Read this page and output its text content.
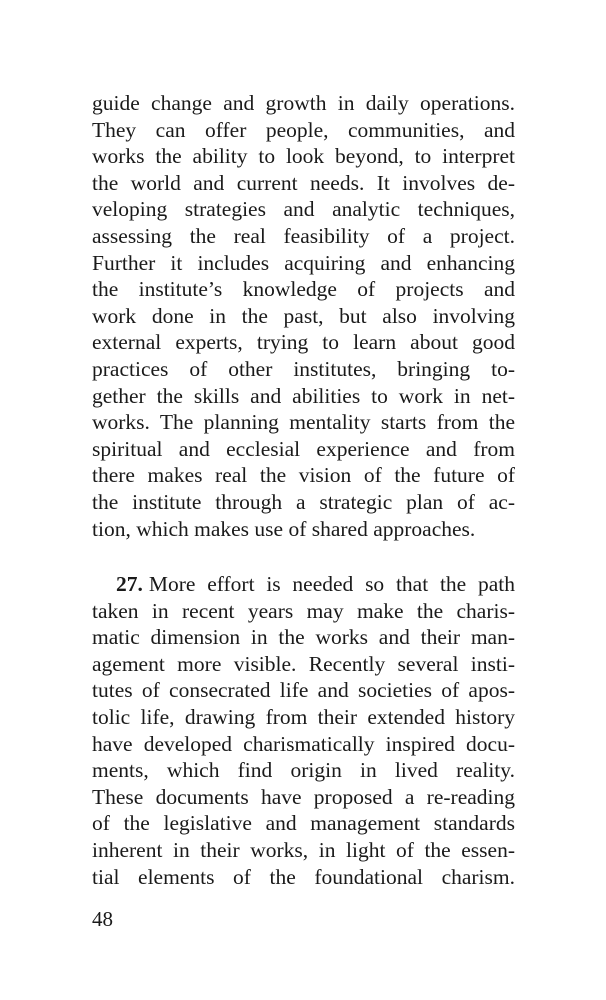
guide change and growth in daily operations.
They can offer people, communities, and
works the ability to look beyond, to interpret
the world and current needs. It involves de-
veloping strategies and analytic techniques,
assessing the real feasibility of a project.
Further it includes acquiring and enhancing
the institute’s knowledge of projects and
work done in the past, but also involving
external experts, trying to learn about good
practices of other institutes, bringing to-
gether the skills and abilities to work in net-
works. The planning mentality starts from the
spiritual and ecclesial experience and from
there makes real the vision of the future of
the institute through a strategic plan of ac-
tion, which makes use of shared approaches.
27. More effort is needed so that the path
taken in recent years may make the charis-
matic dimension in the works and their man-
agement more visible. Recently several insti-
tutes of consecrated life and societies of apos-
tolic life, drawing from their extended history
have developed charismatically inspired docu-
ments, which find origin in lived reality.
These documents have proposed a re-reading
of the legislative and management standards
inherent in their works, in light of the essen-
tial elements of the foundational charism.
48
